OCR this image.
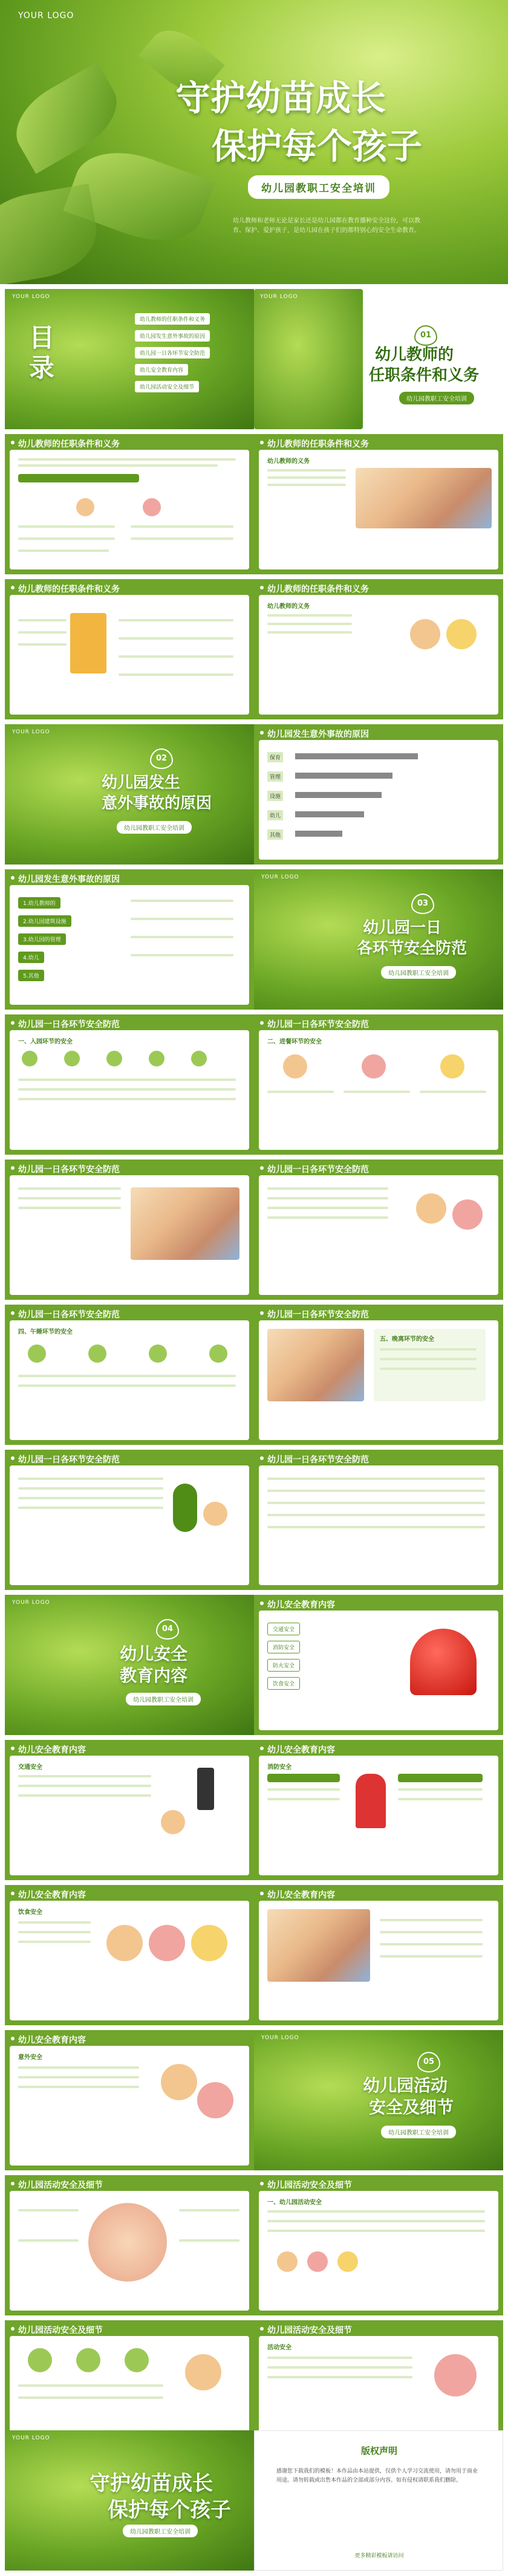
YOUR LOGO
守护幼苗成长
保护每个孩子
幼儿园教职工安全培训
幼儿教师和老师无论是家长还是幼儿园都在教育播种安全这份，可以教育、保护、爱护孩子，是幼儿园在孩子们的都特别心的安全生命教育。
YOUR LOGO
目
录
幼儿教师的任职条件和义务
幼儿园发生意外事故的原因
幼儿园一日各环节安全防范
幼儿安全教育内容
幼儿园活动安全及细节
YOUR LOGO
01
幼儿教师的
任职条件和义务
幼儿园教职工安全培训
幼儿教师的任职条件和义务	幼儿教师的任职条件和义务
幼儿教师的义务
幼儿教师的任职条件和义务	幼儿教师的任职条件和义务
幼儿教师的义务
YOUR LOGO
02
幼儿园发生
意外事故的原因
幼儿园教职工安全培训
幼儿园发生意外事故的原因
保育
管理
设施
幼儿
其他
幼儿园发生意外事故的原因
1.幼儿教师的
2.幼儿园建筑设施
3.幼儿园的管理
4.幼儿
5.其他
YOUR LOGO
03
幼儿园一日
各环节安全防范
幼儿园教职工安全培训
幼儿园一日各环节安全防范
一、入园环节的安全
幼儿园一日各环节安全防范
二、进餐环节的安全
幼儿园一日各环节安全防范	幼儿园一日各环节安全防范
幼儿园一日各环节安全防范
四、午睡环节的安全
幼儿园一日各环节安全防范
五、晚离环节的安全
幼儿园一日各环节安全防范	幼儿园一日各环节安全防范
YOUR LOGO
04
幼儿安全
教育内容
幼儿园教职工安全培训
幼儿安全教育内容
交通安全
消防安全
防火安全
饮食安全
幼儿安全教育内容
交通安全
幼儿安全教育内容
消防安全
幼儿安全教育内容
饮食安全
幼儿安全教育内容
幼儿安全教育内容
意外安全
YOUR LOGO
05
幼儿园活动
安全及细节
幼儿园教职工安全培训
幼儿园活动安全及细节	幼儿园活动安全及细节
一、幼儿园活动安全
幼儿园活动安全及细节	幼儿园活动安全及细节
活动安全
YOUR LOGO
守护幼苗成长
保护每个孩子
幼儿园教职工安全培训
版权声明
感谢您下载我们的模板！本作品由本站提供，仅供个人学习交流使用，请勿用于商业用途。请勿转载或出售本作品的全部或部分内容。如有侵权请联系我们删除。
更多精彩模板请访问
